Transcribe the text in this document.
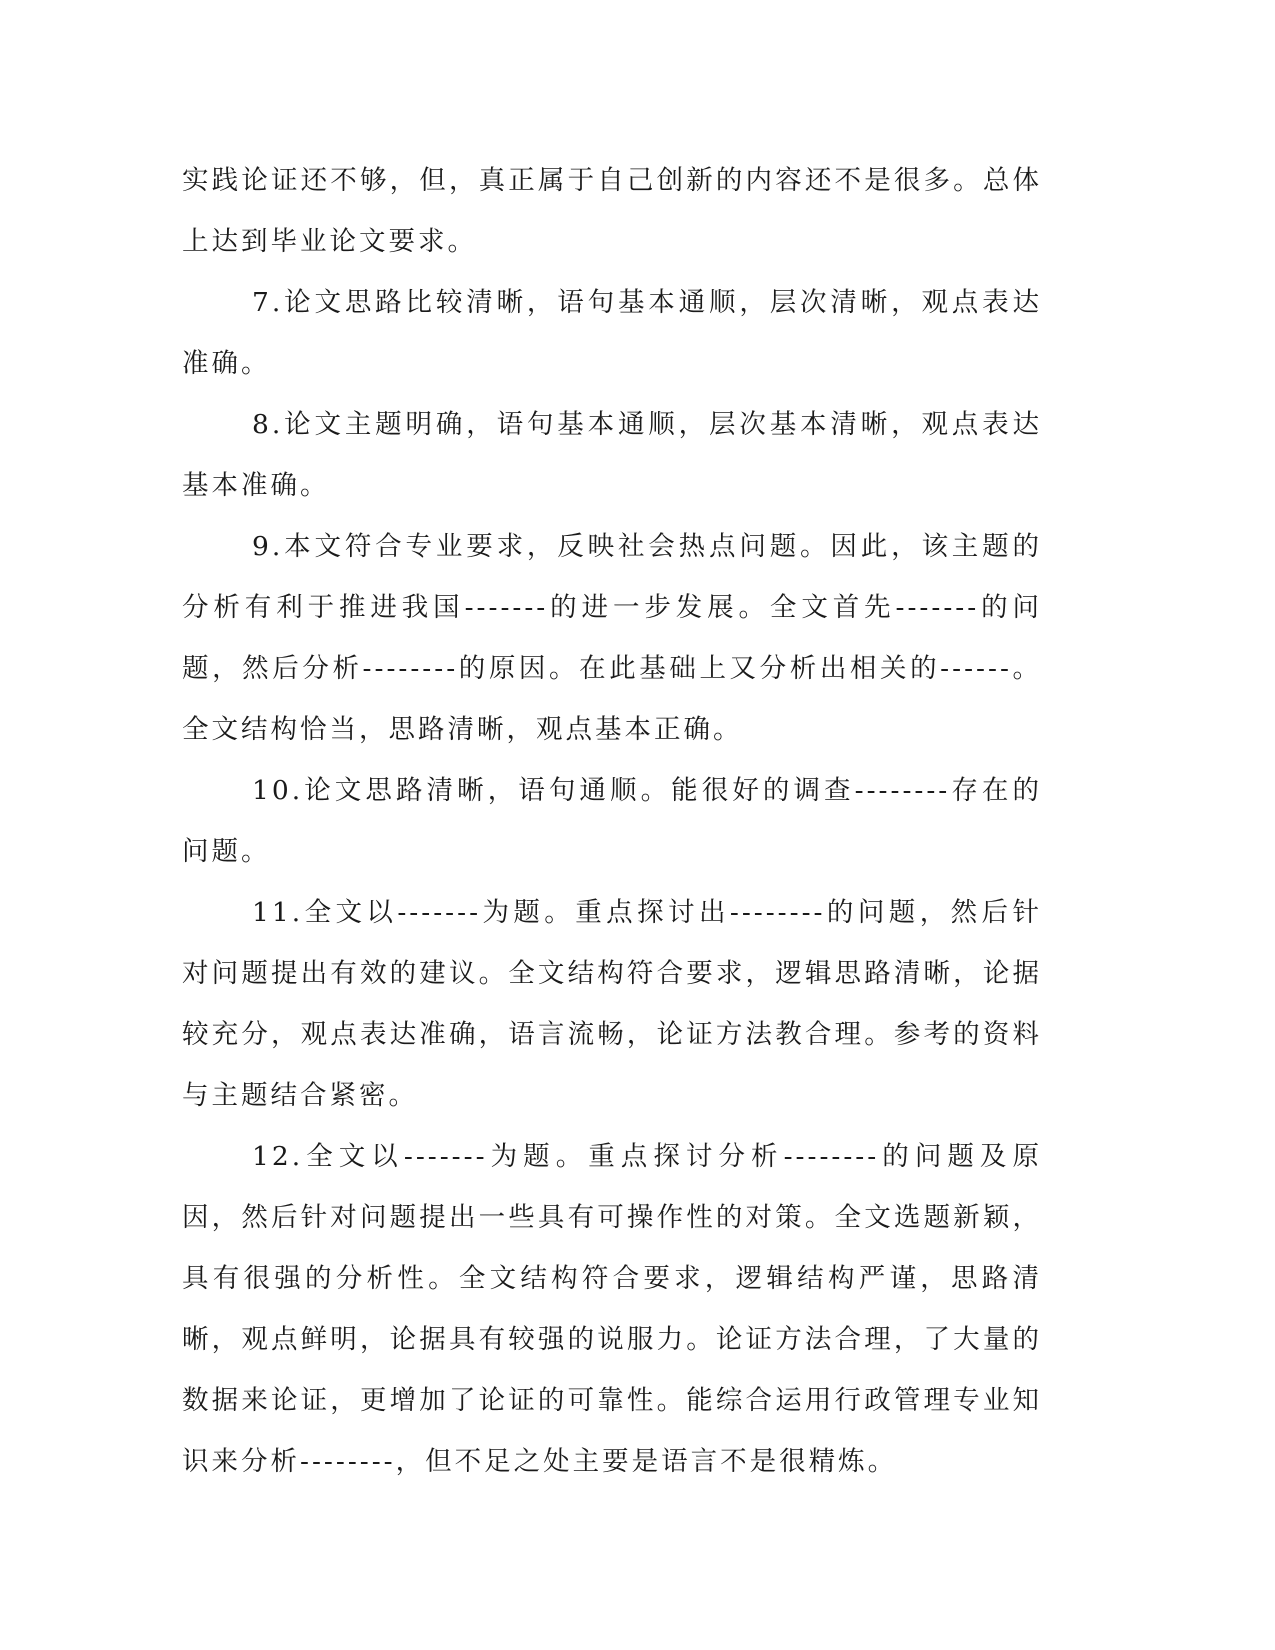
实践论证还不够，但，真正属于自己创新的内容还不是很多。总体上达到毕业论文要求。

7.论文思路比较清晰，语句基本通顺，层次清晰，观点表达准确。

8.论文主题明确，语句基本通顺，层次基本清晰，观点表达基本准确。

9.本文符合专业要求，反映社会热点问题。因此，该主题的分析有利于推进我国-------的进一步发展。全文首先-------的问题，然后分析--------的原因。在此基础上又分析出相关的------。全文结构恰当，思路清晰，观点基本正确。

10.论文思路清晰，语句通顺。能很好的调查--------存在的问题。

11.全文以-------为题。重点探讨出--------的问题，然后针对问题提出有效的建议。全文结构符合要求，逻辑思路清晰，论据较充分，观点表达准确，语言流畅，论证方法教合理。参考的资料与主题结合紧密。

12.全文以-------为题。重点探讨分析--------的问题及原因，然后针对问题提出一些具有可操作性的对策。全文选题新颖，具有很强的分析性。全文结构符合要求，逻辑结构严谨，思路清晰，观点鲜明，论据具有较强的说服力。论证方法合理，了大量的数据来论证，更增加了论证的可靠性。能综合运用行政管理专业知识来分析--------，但不足之处主要是语言不是很精炼。
